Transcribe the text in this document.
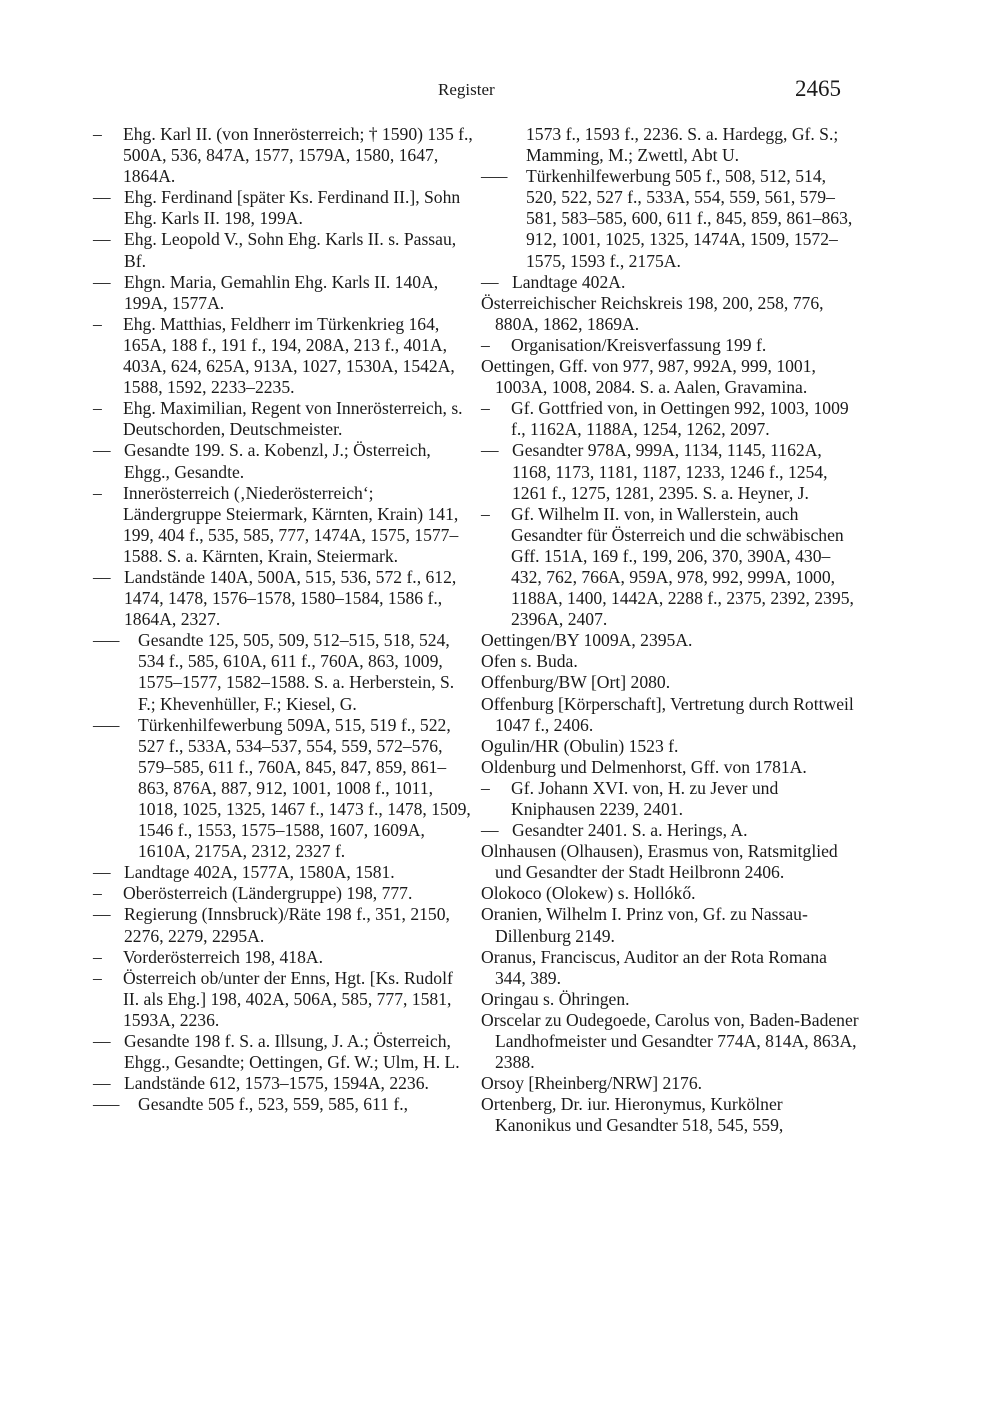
Register	2465
–	Ehg. Karl II. (von Innerösterreich; † 1590) 135 f., 500A, 536, 847A, 1577, 1579A, 1580, 1647, 1864A.
–– Ehg. Ferdinand [später Ks. Ferdinand II.], Sohn Ehg. Karls II. 198, 199A.
–– Ehg. Leopold V., Sohn Ehg. Karls II. s. Passau, Bf.
–– Ehgn. Maria, Gemahlin Ehg. Karls II. 140A, 199A, 1577A.
–	Ehg. Matthias, Feldherr im Türkenkrieg 164, 165A, 188 f., 191 f., 194, 208A, 213 f., 401A, 403A, 624, 625A, 913A, 1027, 1530A, 1542A, 1588, 1592, 2233–2235.
–	Ehg. Maximilian, Regent von Innerösterreich, s. Deutschorden, Deutschmeister.
–– Gesandte 199. S. a. Kobenzl, J.; Österreich, Ehgg., Gesandte.
–	Innerösterreich (‚Niederösterreich‘; Ländergruppe Steiermark, Kärnten, Krain) 141, 199, 404 f., 535, 585, 777, 1474A, 1575, 1577–1588. S. a. Kärnten, Krain, Steiermark.
–– Landstände 140A, 500A, 515, 536, 572 f., 612, 1474, 1478, 1576–1578, 1580–1584, 1586 f., 1864A, 2327.
–––	Gesandte 125, 505, 509, 512–515, 518, 524, 534 f., 585, 610A, 611 f., 760A, 863, 1009, 1575–1577, 1582–1588. S. a. Herberstein, S. F.; Khevenhüller, F.; Kiesel, G.
–––	Türkenhilfewerbung 509A, 515, 519 f., 522, 527 f., 533A, 534–537, 554, 559, 572–576, 579–585, 611 f., 760A, 845, 847, 859, 861–863, 876A, 887, 912, 1001, 1008 f., 1011, 1018, 1025, 1325, 1467 f., 1473 f., 1478, 1509, 1546 f., 1553, 1575–1588, 1607, 1609A, 1610A, 2175A, 2312, 2327 f.
–– Landtage 402A, 1577A, 1580A, 1581.
–	Oberösterreich (Ländergruppe) 198, 777.
–– Regierung (Innsbruck)/Räte 198 f., 351, 2150, 2276, 2279, 2295A.
–	Vorderösterreich 198, 418A.
–	Österreich ob/unter der Enns, Hgt. [Ks. Rudolf II. als Ehg.] 198, 402A, 506A, 585, 777, 1581, 1593A, 2236.
–– Gesandte 198 f. S. a. Illsung, J. A.; Österreich, Ehgg., Gesandte; Oettingen, Gf. W.; Ulm, H. L.
–– Landstände 612, 1573–1575, 1594A, 2236.
–––	Gesandte 505 f., 523, 559, 585, 611 f.,
1573 f., 1593 f., 2236. S. a. Hardegg, Gf. S.; Mamming, M.; Zwettl, Abt U.
–––	Türkenhilfewerbung 505 f., 508, 512, 514, 520, 522, 527 f., 533A, 554, 559, 561, 579–581, 583–585, 600, 611 f., 845, 859, 861–863, 912, 1001, 1025, 1325, 1474A, 1509, 1572–1575, 1593 f., 2175A.
–– Landtage 402A.
Österreichischer Reichskreis 198, 200, 258, 776, 880A, 1862, 1869A.
–	Organisation/Kreisverfassung 199 f.
Oettingen, Gff. von 977, 987, 992A, 999, 1001, 1003A, 1008, 2084. S. a. Aalen, Gravamina.
–	Gf. Gottfried von, in Oettingen 992, 1003, 1009 f., 1162A, 1188A, 1254, 1262, 2097.
–– Gesandter 978A, 999A, 1134, 1145, 1162A, 1168, 1173, 1181, 1187, 1233, 1246 f., 1254, 1261 f., 1275, 1281, 2395. S. a. Heyner, J.
–	Gf. Wilhelm II. von, in Wallerstein, auch Gesandter für Österreich und die schwäbischen Gff. 151A, 169 f., 199, 206, 370, 390A, 430–432, 762, 766A, 959A, 978, 992, 999A, 1000, 1188A, 1400, 1442A, 2288 f., 2375, 2392, 2395, 2396A, 2407.
Oettingen/BY 1009A, 2395A.
Ofen s. Buda.
Offenburg/BW [Ort] 2080.
Offenburg [Körperschaft], Vertretung durch Rottweil 1047 f., 2406.
Ogulin/HR (Obulin) 1523 f.
Oldenburg und Delmenhorst, Gff. von 1781A.
–	Gf. Johann XVI. von, H. zu Jever und Kniphausen 2239, 2401.
–– Gesandter 2401. S. a. Herings, A.
Olnhausen (Olhausen), Erasmus von, Ratsmitglied und Gesandter der Stadt Heilbronn 2406.
Olokoco (Olokew) s. Hollókő.
Oranien, Wilhelm I. Prinz von, Gf. zu Nassau-Dillenburg 2149.
Oranus, Franciscus, Auditor an der Rota Romana 344, 389.
Oringau s. Öhringen.
Orscelar zu Oudegoede, Carolus von, Baden-Badener Landhofmeister und Gesandter 774A, 814A, 863A, 2388.
Orsoy [Rheinberg/NRW] 2176.
Ortenberg, Dr. iur. Hieronymus, Kurkölner Kanonikus und Gesandter 518, 545, 559,
